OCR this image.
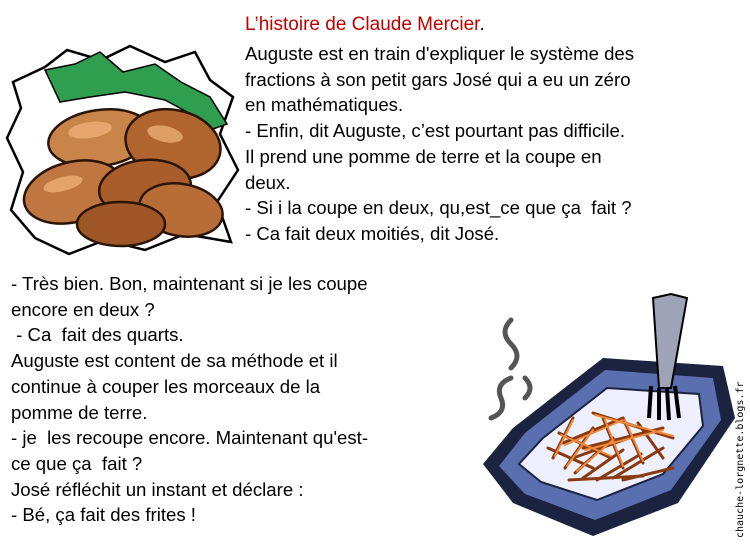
L’histoire de Claude Mercier.
Auguste est en train d'expliquer le système des
fractions à son petit gars José qui a eu un zéro
en mathématiques.
- Enfin, dit Auguste, c’est pourtant pas difficile.
Il prend une pomme de terre et la coupe en
deux.
- Si i la coupe en deux, qu,est_ce que ça  fait ?
- Ca fait deux moitiés, dit José.
- Très bien. Bon, maintenant si je les coupe
encore en deux ?
- Ca  fait des quarts.
Auguste est content de sa méthode et il
continue à couper les morceaux de la
pomme de terre.
- je  les recoupe encore. Maintenant qu'est-
ce que ça  fait ?
José réfléchit un instant et déclare :
- Bé, ça fait des frites !	chauche-lorgnette.blogs.fr
